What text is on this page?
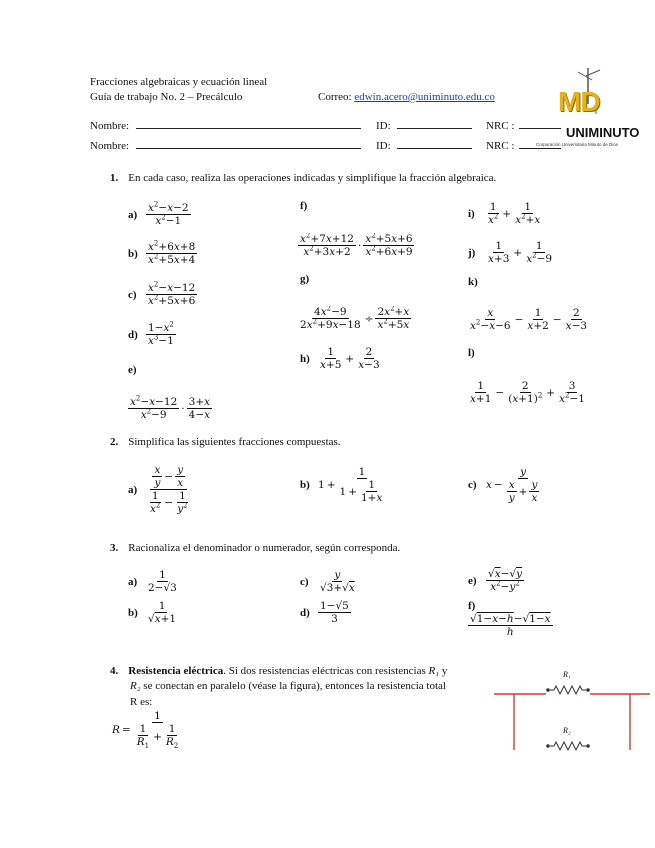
Fracciones algebraicas y ecuación lineal
Guía de trabajo No. 2 – Precálculo	Correo: edwin.acero@uniminuto.edu.co
Nombre:	ID:	NRC :
Nombre:	ID:	NRC :
MD
UNIMINUTO
Corporación Universitaria Minuto de Dios
1. En cada caso, realiza las operaciones indicadas y simplifique la fracción algebraica.
$a) \frac{x^2-x-2}{x^2-1}$
$b) \frac{x^2+6x+8}{x^2+5x+4}$
$c) \frac{x^2-x-12}{x^2+5x+6}$
$d) \frac{1-x^2}{x^3-1}$
e)
$\frac{x^2-x-12}{x^2-9} \cdot \frac{3+x}{4-x}$
f)
$\frac{x^2+7x+12}{x^2+3x+2} \cdot \frac{x^2+5x+6}{x^2+6x+9}$
g)
$\frac{4x^2-9}{2x^2+9x-18} \div \frac{2x^2+x}{x^2+5x}$
$h) \frac{1}{x+5} + \frac{2}{x-3}$
i)	$\frac{1}{x^2} + \frac{1}{x^2+x}$
j)	$\frac{1}{x+3} + \frac{1}{x^2-9}$
k)
$\frac{x}{x^2-x-6} - \frac{1}{x+2} - \frac{2}{x-3}$
l)
$\frac{1}{x+1} - \frac{2}{(x+1)^2} + \frac{3}{x^2-1}$
2. Simplifica las siguientes fracciones compuestas.
$a) \frac{\frac{x}{y} - \frac{y}{x}}{\frac{1}{x^2} - \frac{1}{y^2}}$	b) $1 + \frac{1}{1 + \frac{1}{1+x}}$	c) $x - \frac{y}{\frac{x}{y} + \frac{y}{x}}$
3. Racionaliza el denominador o numerador, según corresponda.
$a) \frac{1}{2-√3}$
$b) \frac{1}{√x+1}$
$c) \frac{y}{√3+√x}$
$d) \frac{1-√5}{3}$
$e) \frac{√x-√y}{x^2-y^2}$
f)
$\frac{√1-x-h-√1-x}{h}$
4. Resistencia eléctrica. Si dos resistencias eléctricas con resistencias R₁ y
R₂ se conectan en paralelo (véase la figura), entonces la resistencia total
R es:
$R = \frac{1}{\frac{1}{R_1} + \frac{1}{R_2}}$
R₁
R₂
